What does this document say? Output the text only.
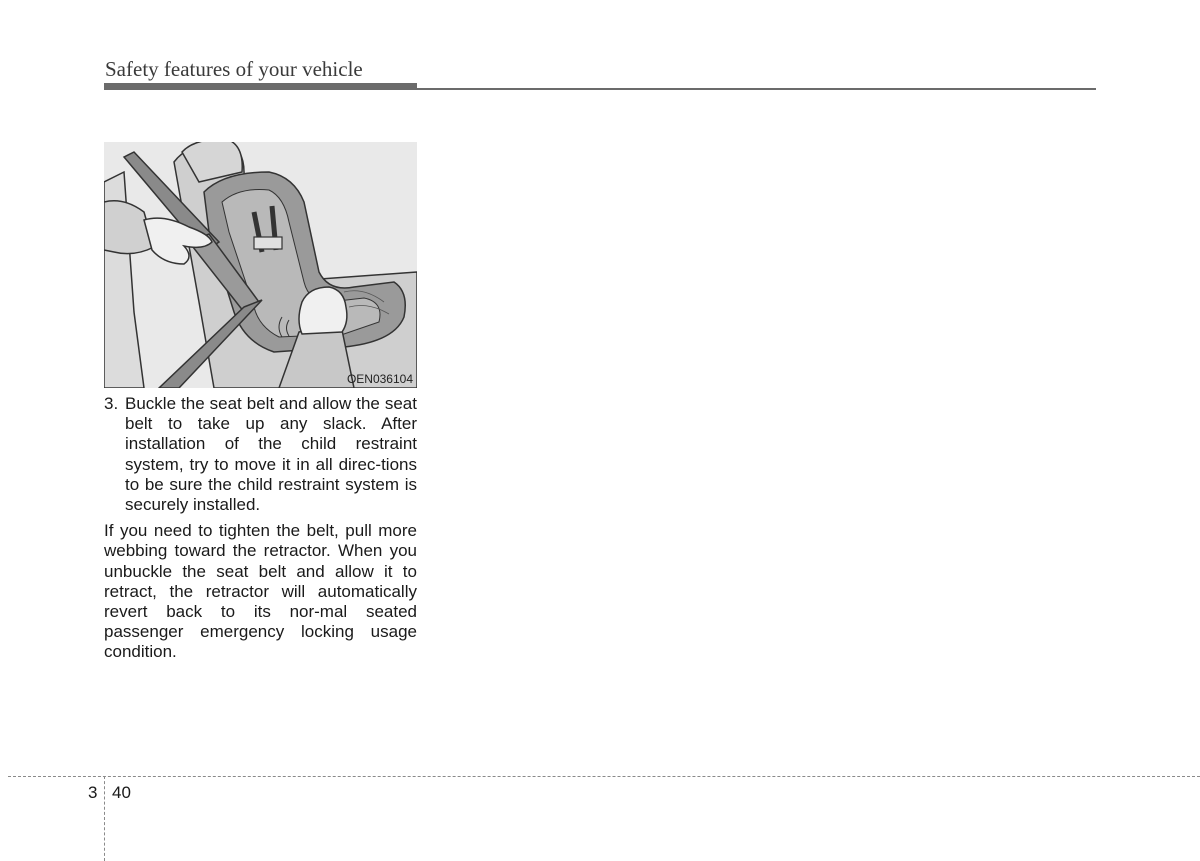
Safety features of your vehicle
OEN036104
3. Buckle the seat belt and allow the seat belt to take up any slack. After installation of the child restraint system, try to move it in all direc-tions to be sure the child restraint system is securely installed.

If you need to tighten the belt, pull more webbing toward the retractor. When you unbuckle the seat belt and allow it to retract, the retractor will automatically revert back to its nor-mal seated passenger emergency locking usage condition.

3 40
